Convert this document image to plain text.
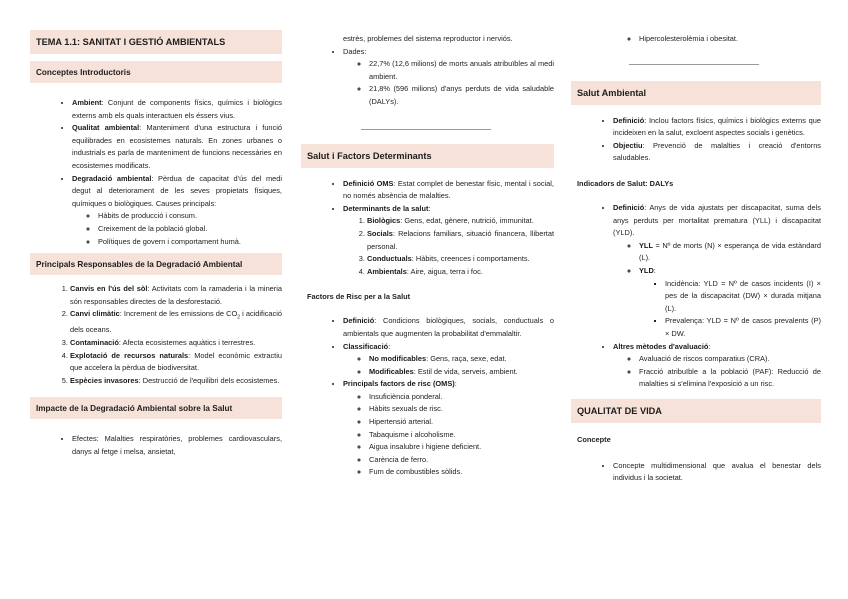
TEMA 1.1: SANITAT I GESTIÓ AMBIENTALS
Conceptes Introductoris
• Ambient: Conjunt de components físics, químics i biològics externs amb els quals interactuen els éssers vius.
• Qualitat ambiental: Manteniment d'una estructura i funció equilibrades en ecosistemes naturals. En zones urbanes o industrials es parla de manteniment de funcions necessàries en ecosistemes modificats.
• Degradació ambiental: Pèrdua de capacitat d'ús del medi degut al deteriorament de les seves propietats físiques, químiques o biològiques. Causes principals:
◦ Hàbits de producció i consum.
◦ Creixement de la població global.
◦ Polítiques de govern i comportament humà.
Principals Responsables de la Degradació Ambiental
1. Canvis en l'ús del sòl: Activitats com la ramaderia i la mineria són responsables directes de la desforestació.
2. Canvi climàtic: Increment de les emissions de $CO_2$ i acidificació dels oceans.
3. Contaminació: Afecta ecosistemes aquàtics i terrestres.
4. Explotació de recursos naturals: Model econòmic extractiu que accelera la pèrdua de biodiversitat.
5. Espècies invasores: Destrucció de l'equilibri dels ecosistemes.
Impacte de la Degradació Ambiental sobre la Salut
• Efectes: Malalties respiratòries, problemes cardiovasculars, danys al fetge i melsa, ansietat,
estrès, problemes del sistema reproductor i nerviós.
• Dades:
◦ 22,7% (12,6 milions) de morts anuals atribuïbles al medi ambient.
◦ 21,8% (596 milions) d'anys perduts de vida saludable (DALYs).
Salut i Factors Determinants
• Definició OMS: Estat complet de benestar físic, mental i social, no només absència de malalties.
• Determinants de la salut:
1. Biològics: Gens, edat, gènere, nutrició, immunitat.
2. Socials: Relacions familiars, situació financera, llibertat personal.
3. Conductuals: Hàbits, creences i comportaments.
4. Ambientals: Aire, aigua, terra i foc.
Factors de Risc per a la Salut
• Definició: Condicions biològiques, socials, conductuals o ambientals que augmenten la probabilitat d'emmalaltir.
• Classificació:
◦ No modificables: Gens, raça, sexe, edat.
◦ Modificables: Estil de vida, serveis, ambient.
• Principals factors de risc (OMS):
◦ Insuficiència ponderal.
◦ Hàbits sexuals de risc.
◦ Hipertensió arterial.
◦ Tabaquisme i alcoholisme.
◦ Aigua insalubre i higiene deficient.
◦ Carència de ferro.
◦ Fum de combustibles sòlids.
◦ Hipercolesterolèmia i obesitat.
Salut Ambiental
• Definició: Inclou factors físics, químics i biològics externs que incideixen en la salut, excloent aspectes socials i genètics.
• Objectiu: Prevenció de malalties i creació d'entorns saludables.
Indicadors de Salut: DALYs
• Definició: Anys de vida ajustats per discapacitat, suma dels anys perduts per mortalitat prematura (YLL) i discapacitat (YLD).
◦ YLL = Nº de morts (N) × esperança de vida estàndard (L).
◦ YLD:
▪ Incidència: YLD = Nº de casos incidents (I) × pes de la discapacitat (DW) × durada mitjana (L).
▪ Prevalença: YLD = Nº de casos prevalents (P) × DW.
• Altres mètodes d'avaluació:
◦ Avaluació de riscos comparatius (CRA).
◦ Fracció atribuïble a la població (PAF): Reducció de malalties si s'elimina l'exposició a un risc.
QUALITAT DE VIDA
Concepte
• Concepte multidimensional que avalua el benestar dels individus i la societat.
